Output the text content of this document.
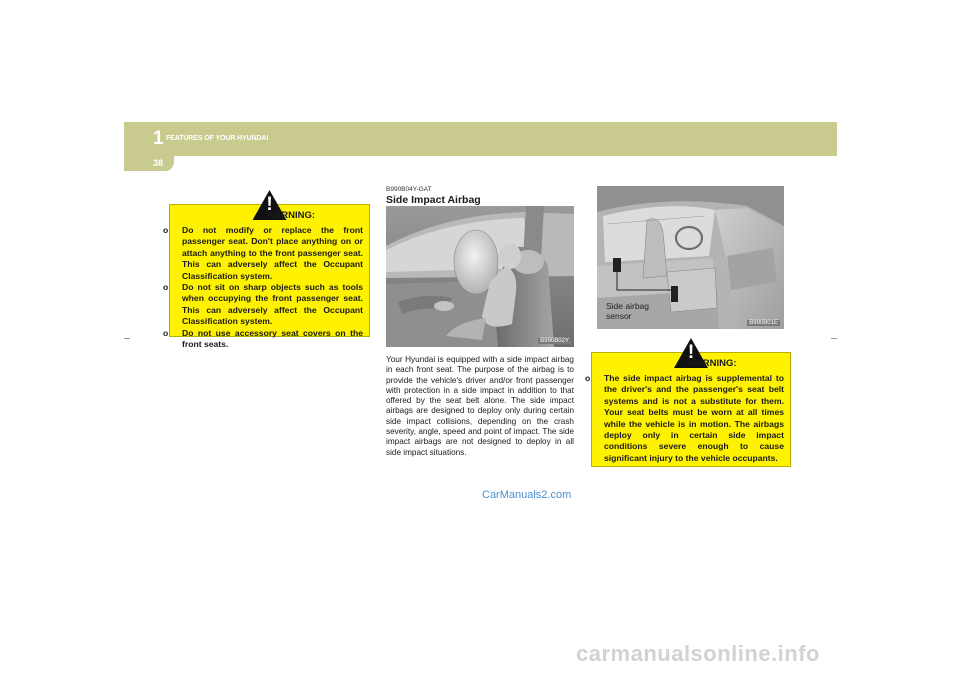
1 FEATURES OF YOUR HYUNDAI
38
!
WARNING:
o Do not modify or replace the front passenger seat. Don't place anything on or attach anything to the front passenger seat. This can adversely affect the Occupant Classification system.
o Do not sit on sharp objects such as tools when occupying the front passenger seat. This can adversely affect the Occupant Classification system.
o Do not use accessory seat covers on the front seats.
B990B04Y-GAT
Side Impact Airbag
B990B02Y
Your Hyundai is equipped with a side impact airbag in each front seat. The purpose of the airbag is to provide the vehicle's driver and/or front passenger with protection in a side impact in addition to that offered by the seat belt alone. The side impact airbags are designed to deploy only during certain side impact collisions, depending on the crash severity, angle, speed and point of impact. The side impact airbags are not designed to deploy in all side impact situations.
B990B01E
Side airbag
sensor
!
WARNING:
o The side impact airbag is supplemental to the driver's and the passenger's seat belt systems and is not a substitute for them. Your seat belts must be worn at all times while the vehicle is in motion. The airbags deploy only in certain side impact conditions severe enough to cause significant injury to the vehicle occupants.
CarManuals2.com
carmanualsonline.info
